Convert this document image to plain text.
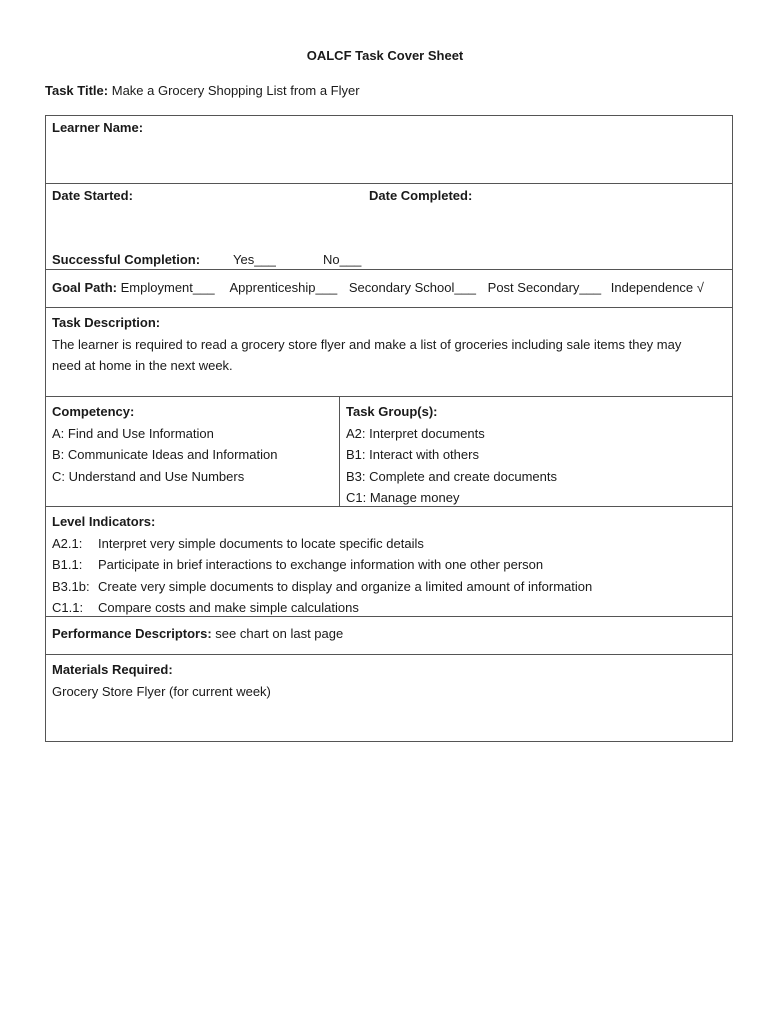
OALCF Task Cover Sheet
Task Title: Make a Grocery Shopping List from a Flyer
Learner Name:
Date Started:	Date Completed:
Successful Completion:	Yes___	No___
Goal Path: Employment___ Apprenticeship___ Secondary School___ Post Secondary___ Independence √
Task Description:
The learner is required to read a grocery store flyer and make a list of groceries including sale items they may
need at home in the next week.
Competency:
A: Find and Use Information
B: Communicate Ideas and Information
C: Understand and Use Numbers
Task Group(s):
A2: Interpret documents
B1: Interact with others
B3: Complete and create documents
C1: Manage money
Level Indicators:
A2.1: Interpret very simple documents to locate specific details
B1.1: Participate in brief interactions to exchange information with one other person
B3.1b: Create very simple documents to display and organize a limited amount of information
C1.1: Compare costs and make simple calculations
Performance Descriptors: see chart on last page
Materials Required:
Grocery Store Flyer (for current week)
